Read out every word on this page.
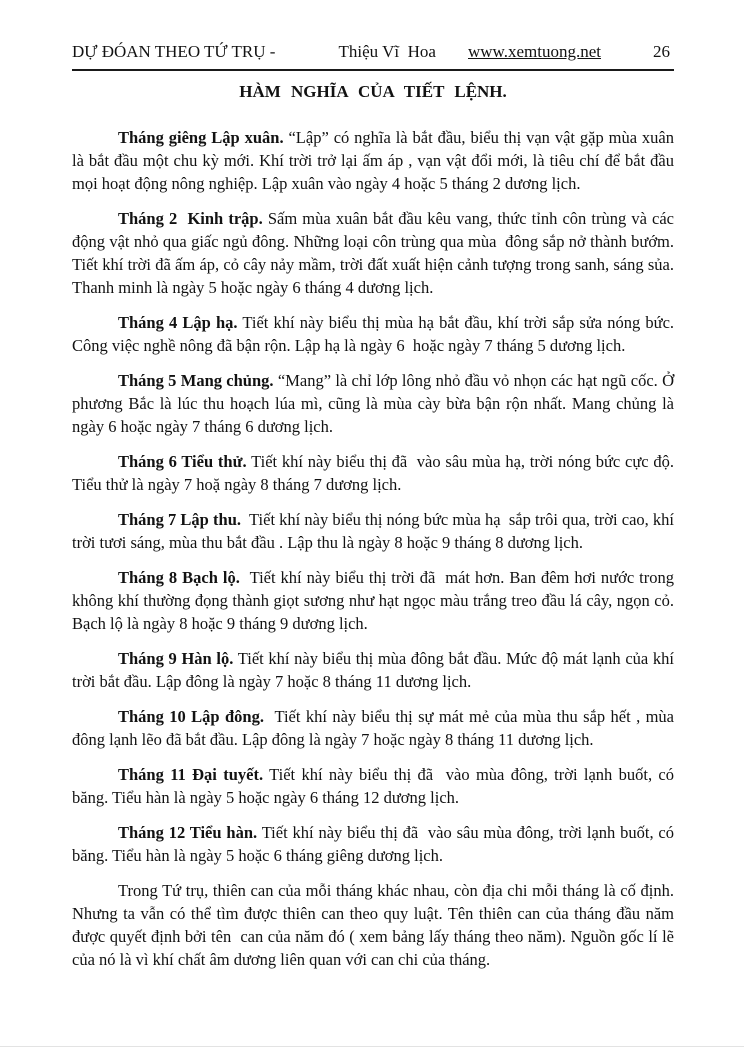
DỰ ĐÓAN THEO TỨ TRỤ -	Thiệu Vĩ  Hoa www.xemtuong.net	26
HÀM NGHĨA CỦA TIẾT LỆNH.

Tháng giêng Lập xuân. “Lập” có nghĩa là bắt đầu, biểu thị vạn vật gặp mùa xuân là bắt đầu một chu kỳ mới. Khí trời trở lại ấm áp , vạn vật đổi mới, là tiêu chí để bắt đầu mọi hoạt động nông nghiệp. Lập xuân vào ngày 4 hoặc 5 tháng 2 dương lịch.

Tháng 2  Kinh trập. Sấm mùa xuân bắt đầu kêu vang, thức tỉnh côn trùng và các động vật nhỏ qua giấc ngủ đông. Những loại côn trùng qua mùa  đông sắp nở thành bướm. Tiết khí trời đã ấm áp, cỏ cây nảy mầm, trời đất xuất hiện cảnh tượng trong sanh, sáng sủa. Thanh minh là ngày 5 hoặc ngày 6 tháng 4 dương lịch.

Tháng 4 Lập hạ. Tiết khí này biểu thị mùa hạ bắt đầu, khí trời sắp sửa nóng bức. Công việc nghề nông đã bận rộn. Lập hạ là ngày 6  hoặc ngày 7 tháng 5 dương lịch.

Tháng 5 Mang chủng. “Mang” là chỉ lớp lông nhỏ đầu vỏ nhọn các hạt ngũ cốc. Ở phương Bắc là lúc thu hoạch lúa mì, cũng là mùa cày bừa bận rộn nhất. Mang chủng là ngày 6 hoặc ngày 7 tháng 6 dương lịch.

Tháng 6 Tiểu thử. Tiết khí này biểu thị đã  vào sâu mùa hạ, trời nóng bức cực độ. Tiểu thử là ngày 7 hoặ ngày 8 tháng 7 dương lịch.

Tháng 7 Lập thu.  Tiết khí này biểu thị nóng bức mùa hạ  sắp trôi qua, trời cao, khí trời tươi sáng, mùa thu bắt đầu . Lập thu là ngày 8 hoặc 9 tháng 8 dương lịch.

Tháng 8 Bạch lộ.  Tiết khí này biểu thị trời đã  mát hơn. Ban đêm hơi nước trong không khí thường đọng thành giọt sương như hạt ngọc màu trắng treo đầu lá cây, ngọn cỏ. Bạch lộ là ngày 8 hoặc 9 tháng 9 dương lịch.

Tháng 9 Hàn lộ. Tiết khí này biểu thị mùa đông bắt đầu. Mức độ mát lạnh của khí trời bắt đầu. Lập đông là ngày 7 hoặc 8 tháng 11 dương lịch.

Tháng 10 Lập đông.  Tiết khí này biểu thị sự mát mẻ của mùa thu sắp hết , mùa đông lạnh lẽo đã bắt đầu. Lập đông là ngày 7 hoặc ngày 8 tháng 11 dương lịch.

Tháng 11 Đại tuyết. Tiết khí này biểu thị đã  vào mùa đông, trời lạnh buốt, có băng. Tiểu hàn là ngày 5 hoặc ngày 6 tháng 12 dương lịch.

Tháng 12 Tiểu hàn. Tiết khí này biểu thị đã  vào sâu mùa đông, trời lạnh buốt, có băng. Tiểu hàn là ngày 5 hoặc 6 tháng giêng dương lịch.

Trong Tứ trụ, thiên can của mỗi tháng khác nhau, còn địa chi mỗi tháng là cố định. Nhưng ta vẫn có thể tìm được thiên can theo quy luật. Tên thiên can của tháng đầu năm được quyết định bởi tên  can của năm đó ( xem bảng lấy tháng theo năm). Nguồn gốc lí lẽ của nó là vì khí chất âm dương liên quan với can chi của tháng.
